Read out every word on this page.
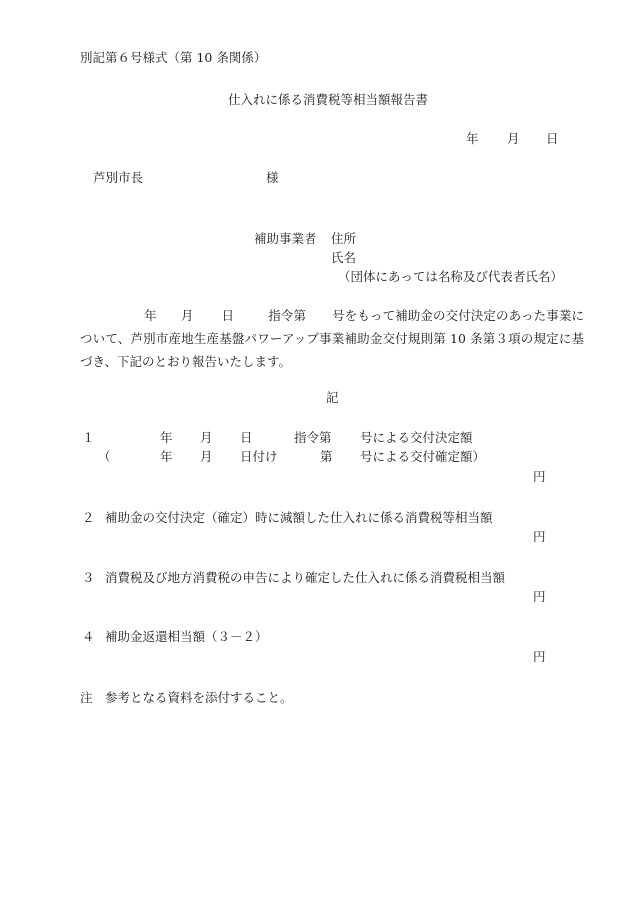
別記第６号様式（第 10 条関係）
仕入れに係る消費税等相当額報告書
年 月 日
芦別市長	様
補助事業者 住所
氏名
（団体にあっては名称及び代表者氏名）
年 月 日	指令第 号をもって補助金の交付決定のあった事業について、芦別市産地生産基盤パワーアップ事業補助金交付規則第 10 条第３項の規定に基づき、下記のとおり報告いたします。
記
１	年 月 日	指令第 号による交付決定額
（	年 月 日付け	第 号による交付確定額）
円
２ 補助金の交付決定（確定）時に減額した仕入れに係る消費税等相当額
円
３ 消費税及び地方消費税の申告により確定した仕入れに係る消費税相当額
円
４ 補助金返還相当額（３－２）
円
注 参考となる資料を添付すること。
